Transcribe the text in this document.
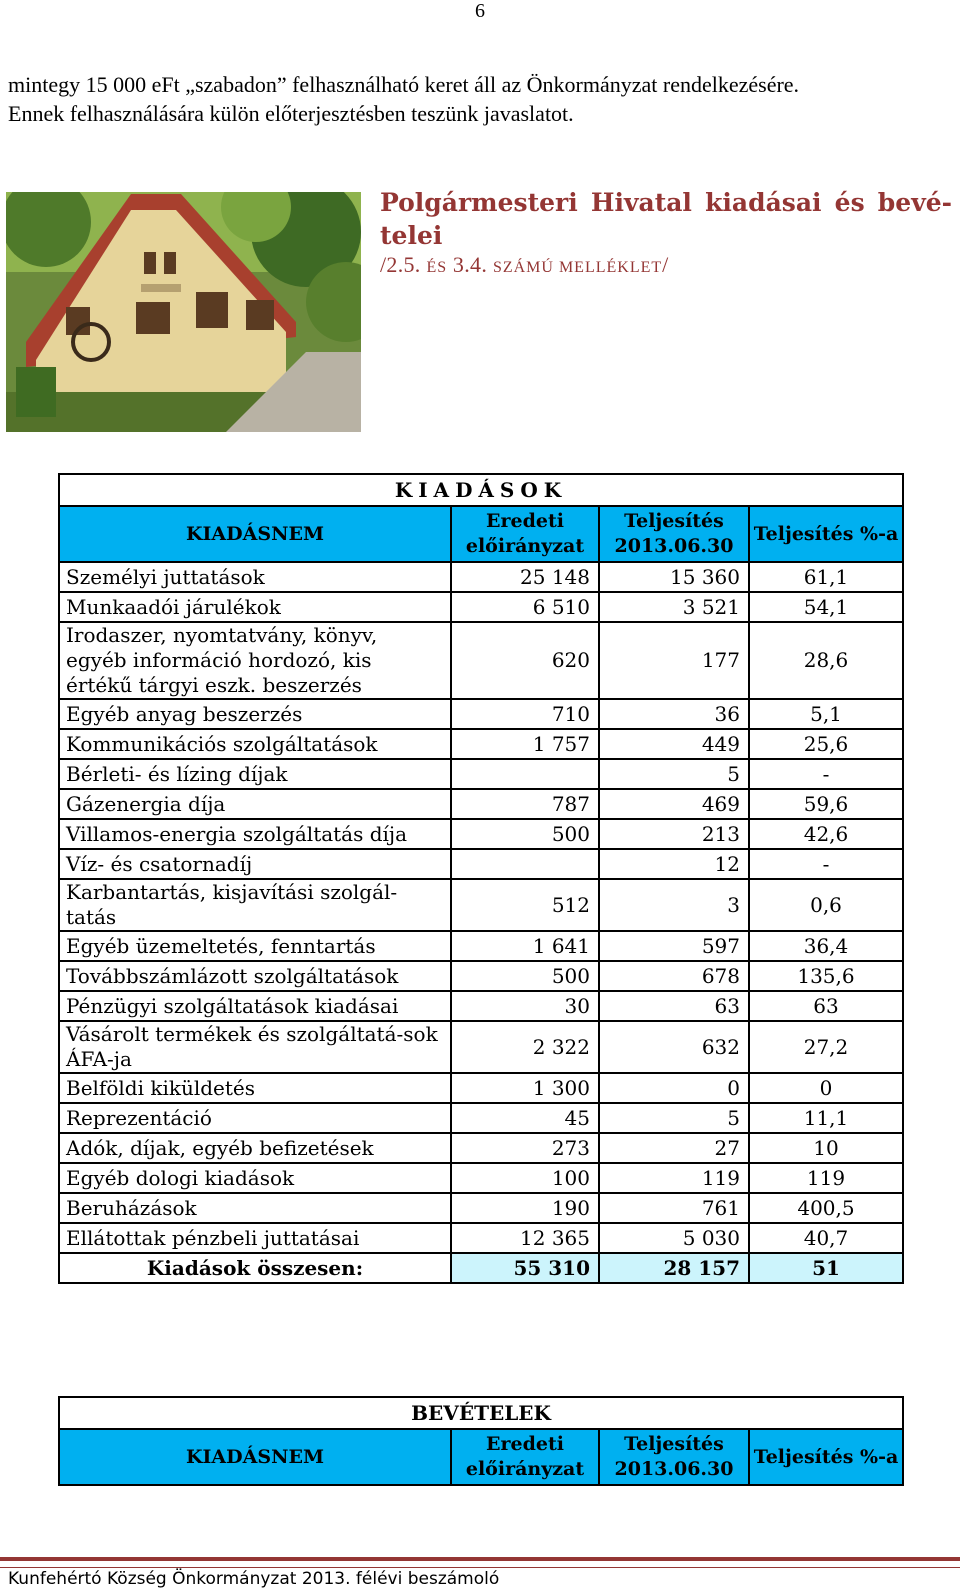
6
mintegy 15 000 eFt „szabadon” felhasználható keret áll az Önkormányzat rendelkezésére.
Ennek felhasználására külön előterjesztésben teszünk javaslatot.
Polgármesteri Hivatal kiadásai és bevé-telei
/2.5. ÉS 3.4. SZÁMÚ MELLÉKLET/
KIADÁSOK			
KIADÁSNEM	Eredeti előirányzat	Teljesítés 2013.06.30	Teljesítés %-a
Személyi juttatások	25 148	15 360	61,1
Munkaadói járulékok	6 510	3 521	54,1
Irodaszer, nyomtatvány, könyv, egyéb információ hordozó, kis értékű tárgyi eszk. beszerzés	620	177	28,6
Egyéb anyag beszerzés	710	36	5,1
Kommunikációs szolgáltatások	1 757	449	25,6
Bérleti- és lízing díjak		5	-
Gázenergia díja	787	469	59,6
Villamos-energia szolgáltatás díja	500	213	42,6
Víz- és csatornadíj		12	-
Karbantartás, kisjavítási szolgál-tatás	512	3	0,6
Egyéb üzemeltetés, fenntartás	1 641	597	36,4
Továbbszámlázott szolgáltatások	500	678	135,6
Pénzügyi szolgáltatások kiadásai	30	63	63
Vásárolt termékek és szolgáltatá-sok ÁFA-ja	2 322	632	27,2
Belföldi kiküldetés	1 300	0	0
Reprezentáció	45	5	11,1
Adók, díjak, egyéb befizetések	273	27	10
Egyéb dologi kiadások	100	119	119
Beruházások	190	761	400,5
Ellátottak pénzbeli juttatásai	12 365	5 030	40,7
Kiadások összesen:	55 310	28 157	51
BEVÉTELEK
KIADÁSNEM	Eredeti előirányzat	Teljesítés 2013.06.30	Teljesítés %-a
Kunfehértó Község Önkormányzat 2013. félévi beszámoló
